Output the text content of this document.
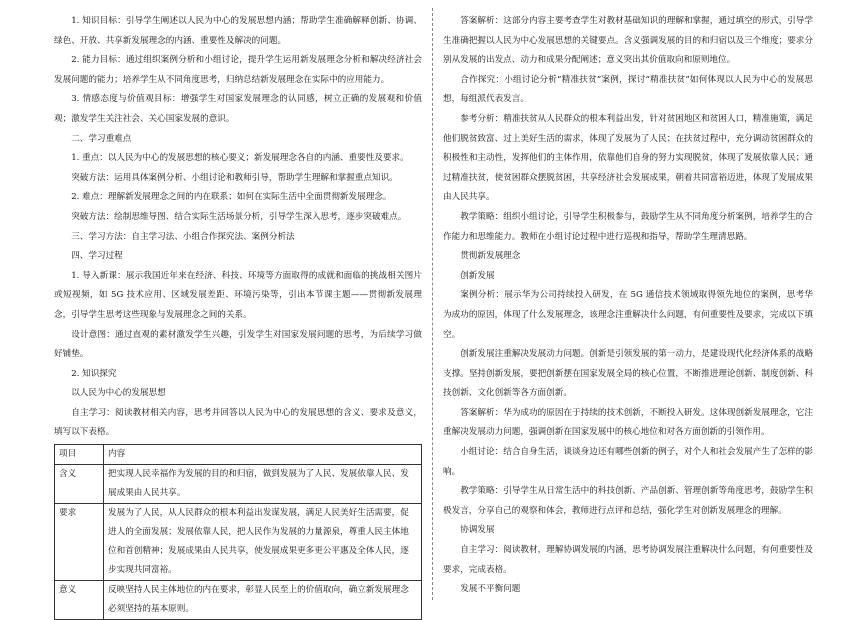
1. 知识目标：引导学生阐述以人民为中心的发展思想内涵；帮助学生准确解释创新、协调、绿色、开放、共享新发展理念的内涵、重要性及解决的问题。

2. 能力目标：通过组织案例分析和小组讨论，提升学生运用新发展理念分析和解决经济社会发展问题的能力；培养学生从不同角度思考，归纳总结新发展理念在实际中的应用能力。

3. 情感态度与价值观目标：增强学生对国家发展理念的认同感，树立正确的发展观和价值观；激发学生关注社会、关心国家发展的意识。

二、学习重难点

1. 重点：以人民为中心的发展思想的核心要义；新发展理念各自的内涵、重要性及要求。

突破方法：运用具体案例分析、小组讨论和教师引导，帮助学生理解和掌握重点知识。

2. 难点：理解新发展理念之间的内在联系；如何在实际生活中全面贯彻新发展理念。

突破方法：绘制思维导图、结合实际生活场景分析，引导学生深入思考，逐步突破难点。

三、学习方法：自主学习法、小组合作探究法、案例分析法

四、学习过程

1. 导入新课：展示我国近年来在经济、科技、环境等方面取得的成就和面临的挑战相关图片或短视频，如 5G 技术应用、区域发展差距、环境污染等，引出本节课主题——贯彻新发展理念，引导学生思考这些现象与发展理念之间的关系。

设计意图：通过直观的素材激发学生兴趣，引发学生对国家发展问题的思考，为后续学习做好铺垫。

2. 知识探究

以人民为中心的发展思想

自主学习：阅读教材相关内容，思考并回答以人民为中心的发展思想的含义、要求及意义，填写以下表格。

项目	内容
含义	把实现人民幸福作为发展的目的和归宿，做到发展为了人民、发展依靠人民、发展成果由人民共享。
要求	发展为了人民，从人民群众的根本利益出发谋发展，满足人民美好生活需要，促进人的全面发展；发展依靠人民，把人民作为发展的力量源泉，尊重人民主体地位和首创精神；发展成果由人民共享，使发展成果更多更公平惠及全体人民，逐步实现共同富裕。
意义	反映坚持人民主体地位的内在要求，彰显人民至上的价值取向，确立新发展理念必须坚持的基本原则。

答案解析：这部分内容主要考查学生对教材基础知识的理解和掌握，通过填空的形式，引导学生准确把握以人民为中心发展思想的关键要点。含义强调发展的目的和归宿以及三个维度；要求分别从发展的出发点、动力和成果分配阐述；意义突出其价值取向和原则地位。

合作探究：小组讨论分析“精准扶贫”案例，探讨“精准扶贫”如何体现以人民为中心的发展思想，每组派代表发言。

参考分析：精准扶贫从人民群众的根本利益出发，针对贫困地区和贫困人口，精准施策，满足他们脱贫致富、过上美好生活的需求，体现了发展为了人民；在扶贫过程中，充分调动贫困群众的积极性和主动性，发挥他们的主体作用，依靠他们自身的努力实现脱贫，体现了发展依靠人民；通过精准扶贫，使贫困群众摆脱贫困，共享经济社会发展成果，朝着共同富裕迈进，体现了发展成果由人民共享。

教学策略：组织小组讨论，引导学生积极参与，鼓励学生从不同角度分析案例，培养学生的合作能力和思维能力。教师在小组讨论过程中进行巡视和指导，帮助学生理清思路。

贯彻新发展理念

创新发展

案例分析：展示华为公司持续投入研发，在 5G 通信技术领域取得领先地位的案例，思考华为成功的原因，体现了什么发展理念，该理念注重解决什么问题，有何重要性及要求，完成以下填空。

创新发展注重解决发展动力问题。创新是引领发展的第一动力，是建设现代化经济体系的战略支撑。坚持创新发展，要把创新摆在国家发展全局的核心位置，不断推进理论创新、制度创新、科技创新、文化创新等各方面创新。

答案解析：华为成功的原因在于持续的技术创新，不断投入研发。这体现创新发展理念，它注重解决发展动力问题，强调创新在国家发展中的核心地位和对各方面创新的引领作用。

小组讨论：结合自身生活，谈谈身边还有哪些创新的例子，对个人和社会发展产生了怎样的影响。

教学策略：引导学生从日常生活中的科技创新、产品创新、管理创新等角度思考，鼓励学生积极发言，分享自己的观察和体会，教师进行点评和总结，强化学生对创新发展理念的理解。

协调发展

自主学习：阅读教材，理解协调发展的内涵，思考协调发展注重解决什么问题，有何重要性及要求，完成表格。

发展不平衡问题
